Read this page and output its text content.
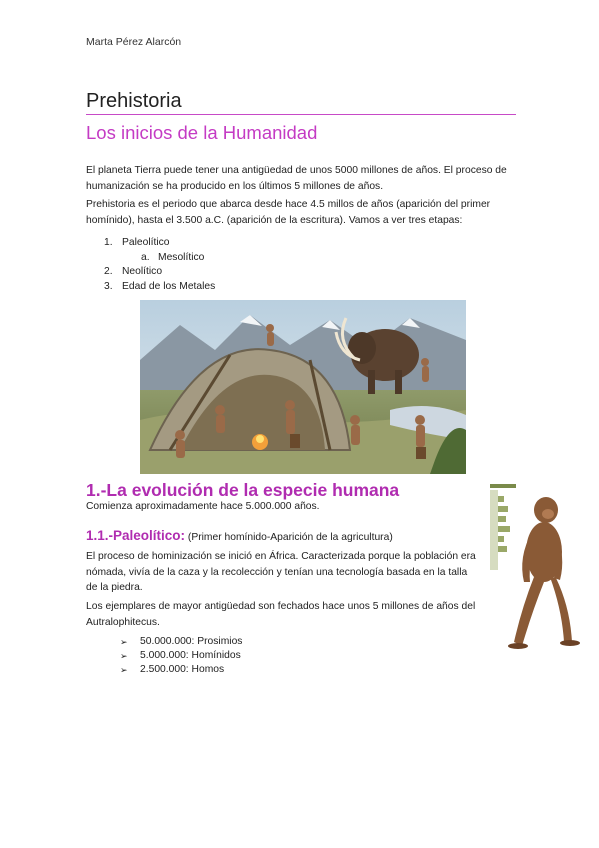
Marta Pérez Alarcón
Prehistoria
Los inicios de la Humanidad

El planeta Tierra puede tener una antigüedad de unos 5000 millones de años. El proceso de humanización se ha producido en los últimos 5 millones de años.

Prehistoria es el periodo que abarca desde hace 4.5 millos de años (aparición del primer homínido), hasta el 3.500 a.C. (aparición de la escritura). Vamos a ver tres etapas:

1. Paleolítico
a. Mesolítico
2. Neolítico
3. Edad de los Metales
1.-La evolución de la especie humana
Comienza aproximadamente hace 5.000.000 años.
1.1.-Paleolítico: (Primer homínido-Aparición de la agricultura)

El proceso de hominización se inició en África. Caracterizada porque la población era nómada, vivía de la caza y la recolección y tenían una tecnología basada en la talla de la piedra.

Los ejemplares de mayor antigüedad son fechados hace unos 5 millones de años del Autralophitecus.

➢ 50.000.000: Prosimios
➢ 5.000.000: Homínidos
➢ 2.500.000: Homos
